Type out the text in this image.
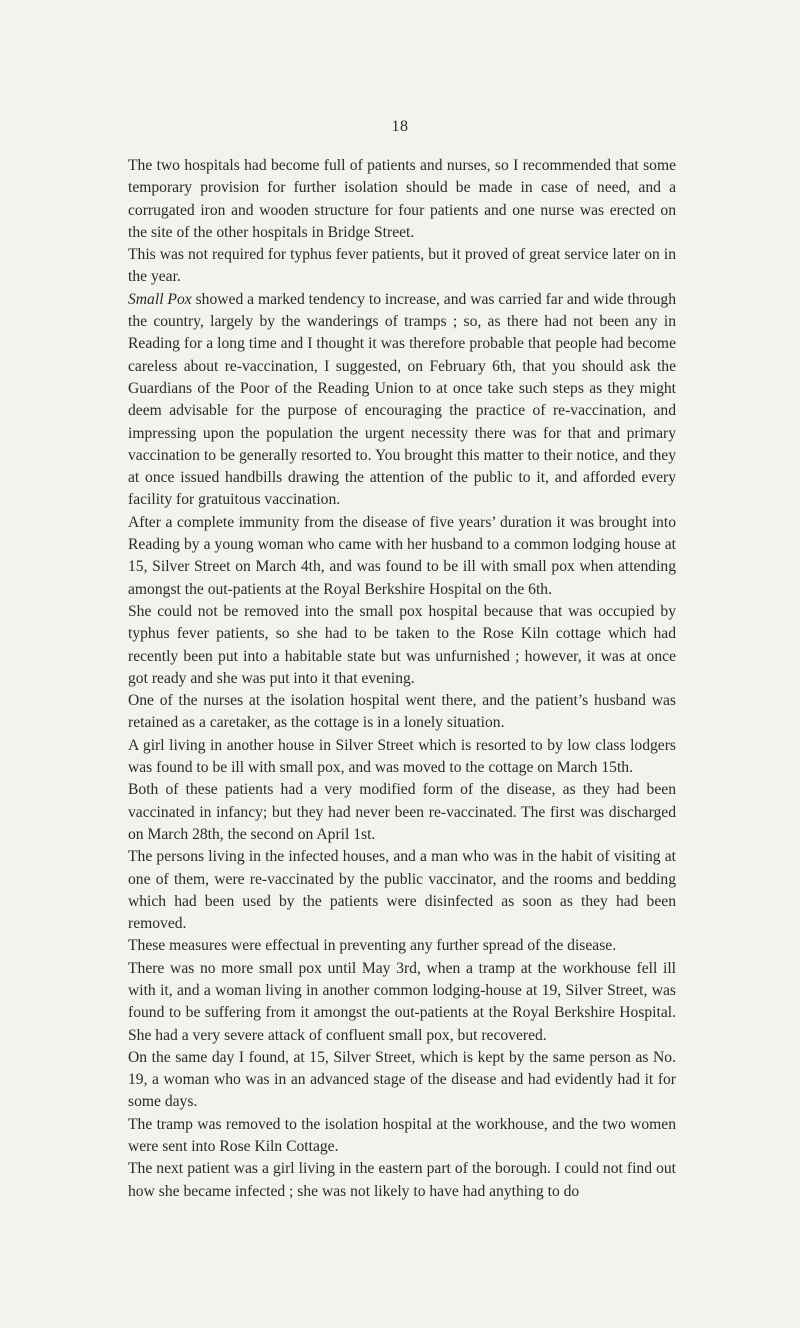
18

The two hospitals had become full of patients and nurses, so I recommended that some temporary provision for further isolation should be made in case of need, and a corrugated iron and wooden structure for four patients and one nurse was erected on the site of the other hospitals in Bridge Street.

This was not required for typhus fever patients, but it proved of great service later on in the year.

Small Pox showed a marked tendency to increase, and was carried far and wide through the country, largely by the wanderings of tramps ; so, as there had not been any in Reading for a long time and I thought it was therefore probable that people had become careless about re-vaccination, I suggested, on February 6th, that you should ask the Guardians of the Poor of the Reading Union to at once take such steps as they might deem advisable for the purpose of encouraging the practice of re-vaccination, and impressing upon the population the urgent necessity there was for that and primary vaccination to be generally resorted to. You brought this matter to their notice, and they at once issued handbills drawing the attention of the public to it, and afforded every facility for gratuitous vaccination.

After a complete immunity from the disease of five years’ duration it was brought into Reading by a young woman who came with her husband to a common lodging house at 15, Silver Street on March 4th, and was found to be ill with small pox when attending amongst the out-patients at the Royal Berkshire Hospital on the 6th.

She could not be removed into the small pox hospital because that was occupied by typhus fever patients, so she had to be taken to the Rose Kiln cottage which had recently been put into a habitable state but was unfurnished ; however, it was at once got ready and she was put into it that evening.

One of the nurses at the isolation hospital went there, and the patient’s husband was retained as a caretaker, as the cottage is in a lonely situation.

A girl living in another house in Silver Street which is resorted to by low class lodgers was found to be ill with small pox, and was moved to the cottage on March 15th.

Both of these patients had a very modified form of the disease, as they had been vaccinated in infancy; but they had never been re-vaccinated. The first was discharged on March 28th, the second on April 1st.

The persons living in the infected houses, and a man who was in the habit of visiting at one of them, were re-vaccinated by the public vaccinator, and the rooms and bedding which had been used by the patients were disinfected as soon as they had been removed.

These measures were effectual in preventing any further spread of the disease.

There was no more small pox until May 3rd, when a tramp at the workhouse fell ill with it, and a woman living in another common lodging-house at 19, Silver Street, was found to be suffering from it amongst the out-patients at the Royal Berkshire Hospital. She had a very severe attack of confluent small pox, but recovered.

On the same day I found, at 15, Silver Street, which is kept by the same person as No. 19, a woman who was in an advanced stage of the disease and had evidently had it for some days.

The tramp was removed to the isolation hospital at the workhouse, and the two women were sent into Rose Kiln Cottage.

The next patient was a girl living in the eastern part of the borough. I could not find out how she became infected ; she was not likely to have had anything to do
